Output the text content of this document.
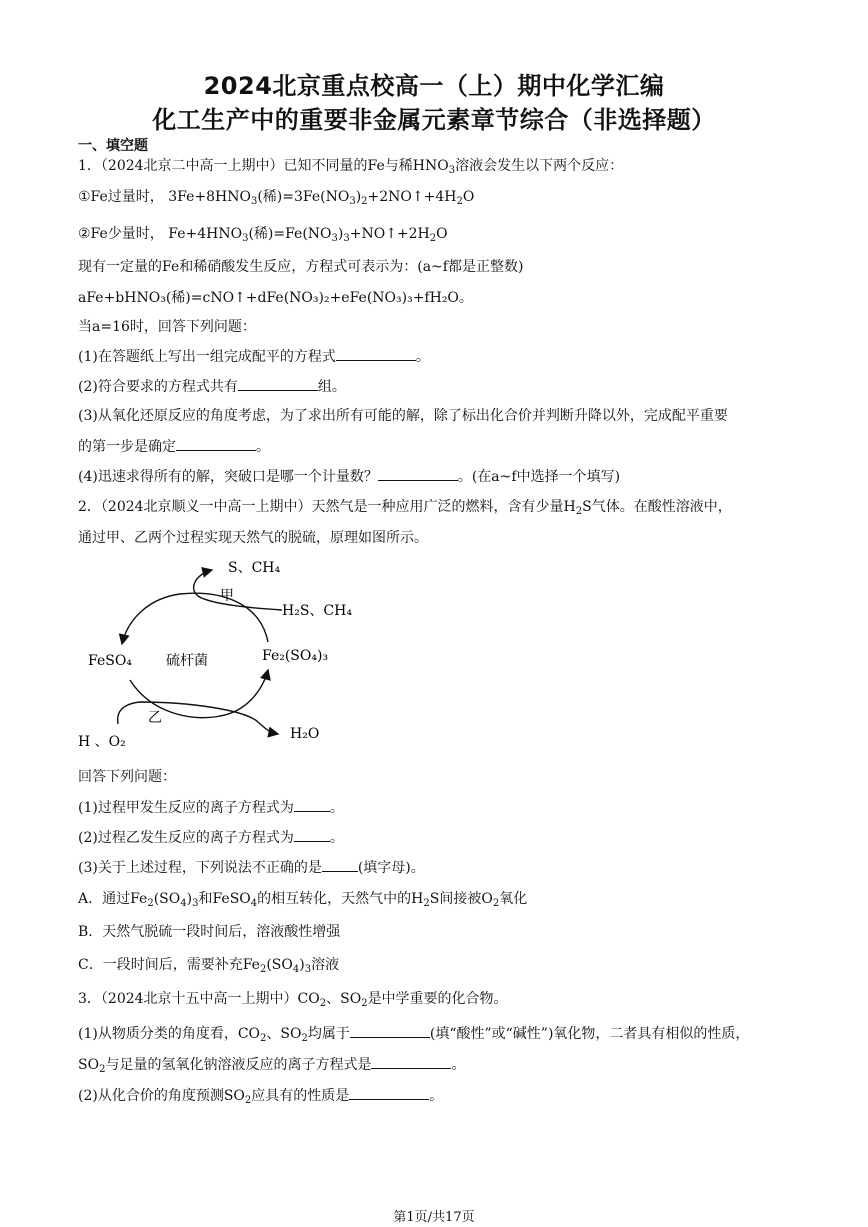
2024北京重点校高一（上）期中化学汇编
化工生产中的重要非金属元素章节综合（非选择题）
一、填空题
1．（2024北京二中高一上期中）已知不同量的Fe与稀$HNO_3$溶液会发生以下两个反应：
①Fe过量时， $3Fe+8HNO_3$(稀)$=3Fe(NO_3)_2+2NO↑+4H_2O$
②Fe少量时， $Fe+4HNO_3$(稀)$=Fe(NO_3)_3+NO↑+2H_2O$
现有一定量的Fe和稀硝酸发生反应，方程式可表示为：(a~f都是正整数)
aFe+bHNO₃(稀)=cNO↑+dFe(NO₃)₂+eFe(NO₃)₃+fH₂O。
当a=16时，回答下列问题：
(1)在答题纸上写出一组完成配平的方程式	。
(2)符合要求的方程式共有	组。
(3)从氧化还原反应的角度考虑，为了求出所有可能的解，除了标出化合价并判断升降以外，完成配平重要
的第一步是确定	。
(4)迅速求得所有的解，突破口是哪一个计量数？	。(在a~f中选择一个填写)
2．（2024北京顺义一中高一上期中）天然气是一种应用广泛的燃料，含有少量$H_2S$气体。在酸性溶液中，
通过甲、乙两个过程实现天然气的脱硫，原理如图所示。
S、CH₄
甲
H₂S、CH₄
FeSO₄ 硫杆菌	Fe₂(SO₄)₃
乙
H 、O₂	H₂O
回答下列问题：
(1)过程甲发生反应的离子方程式为	。
(2)过程乙发生反应的离子方程式为	。
(3)关于上述过程，下列说法不正确的是	(填字母)。
A．通过$Fe_2(SO_4)_3$和FeSO$_4$的相互转化，天然气中的$H_2S$间接被$O_2$氧化
B．天然气脱硫一段时间后，溶液酸性增强
C．一段时间后，需要补充$Fe_2(SO_4)_3$溶液
3．（2024北京十五中高一上期中）$CO_2$、$SO_2$是中学重要的化合物。
(1)从物质分类的角度看，$CO_2$、$SO_2$均属于	(填“酸性”或“碱性”)氧化物，二者具有相似的性质，
$SO_2$与足量的氢氧化钠溶液反应的离子方程式是	。
(2)从化合价的角度预测$SO_2$应具有的性质是	。
第1页/共17页
